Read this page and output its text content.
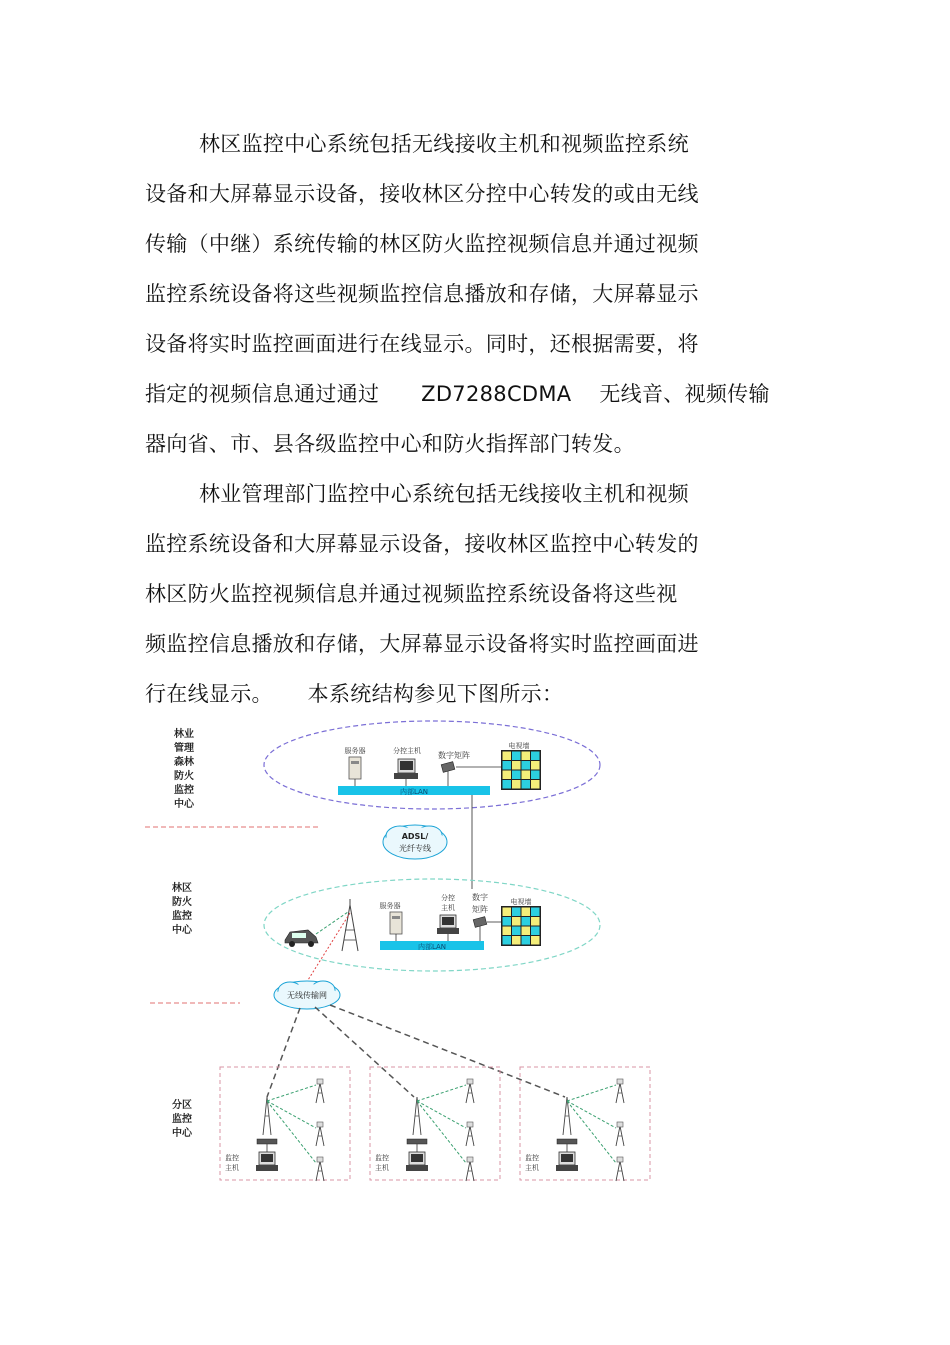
林区监控中心系统包括无线接收主机和视频监控系统
设备和大屏幕显示设备，接收林区分控中心转发的或由无线
传输（中继）系统传输的林区防火监控视频信息并通过视频
监控系统设备将这些视频监控信息播放和存储，大屏幕显示
设备将实时监控画面进行在线显示。同时，还根据需要，将
指定的视频信息通过通过      ZD7288CDMA    无线音、视频传输
器向省、市、县各级监控中心和防火指挥部门转发。
林业管理部门监控中心系统包括无线接收主机和视频
监控系统设备和大屏幕显示设备，接收林区监控中心转发的
林区防火监控视频信息并通过视频监控系统设备将这些视
频监控信息播放和存储，大屏幕显示设备将实时监控画面进
行在线显示。     本系统结构参见下图所示：
林业
管理
森林
防火
监控
中心
林区
防火
监控
中心
分区
监控
中心
内部LAN
服务器	分控主机 数字矩阵
电视墙
ADSL/
光纤专线
内部LAN
服务器
分控
主机
数字
矩阵
电视墙
无线传输网
监控
主机
监控
主机
监控
主机
